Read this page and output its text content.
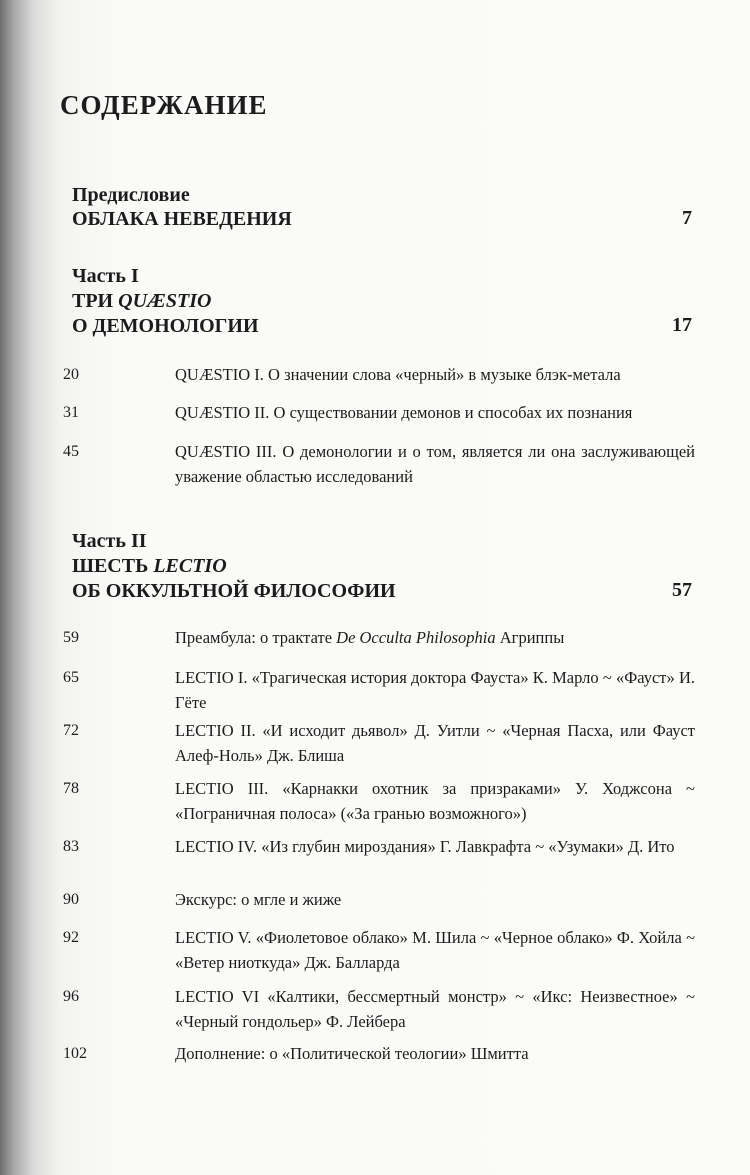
СОДЕРЖАНИЕ
Предисловие
ОБЛАКА НЕВЕДЕНИЯ	7
Часть I
ТРИ QUÆSTIO
О ДЕМОНОЛОГИИ	17
20	QUÆSTIO I. О значении слова «черный» в музыке блэк-метала
31	QUÆSTIO II. О существовании демонов и способах их познания
45	QUÆSTIO III. О демонологии и о том, является ли она заслуживающей уважение областью исследований
Часть II
ШЕСТЬ LECTIO
ОБ ОККУЛЬТНОЙ ФИЛОСОФИИ	57
59	Преамбула: о трактате De Occulta Philosophia Агриппы
65	LECTIO I. «Трагическая история доктора Фауста» К. Марло ~ «Фауст» И. Гёте
72	LECTIO II. «И исходит дьявол» Д. Уитли ~ «Черная Пасха, или Фауст Алеф-Ноль» Дж. Блиша
78	LECTIO III. «Карнакки охотник за призраками» У. Ходжсона ~ «Пограничная полоса» («За гранью возможного»)
83	LECTIO IV. «Из глубин мироздания» Г. Лавкрафта ~ «Узумаки» Д. Ито
90	Экскурс: о мгле и жиже
92	LECTIO V. «Фиолетовое облако» М. Шила ~ «Черное облако» Ф. Хойла ~ «Ветер ниоткуда» Дж. Балларда
96	LECTIO VI «Калтики, бессмертный монстр» ~ «Икс: Неизвестное» ~ «Черный гондольер» Ф. Лейбера
102	Дополнение: о «Политической теологии» Шмитта
